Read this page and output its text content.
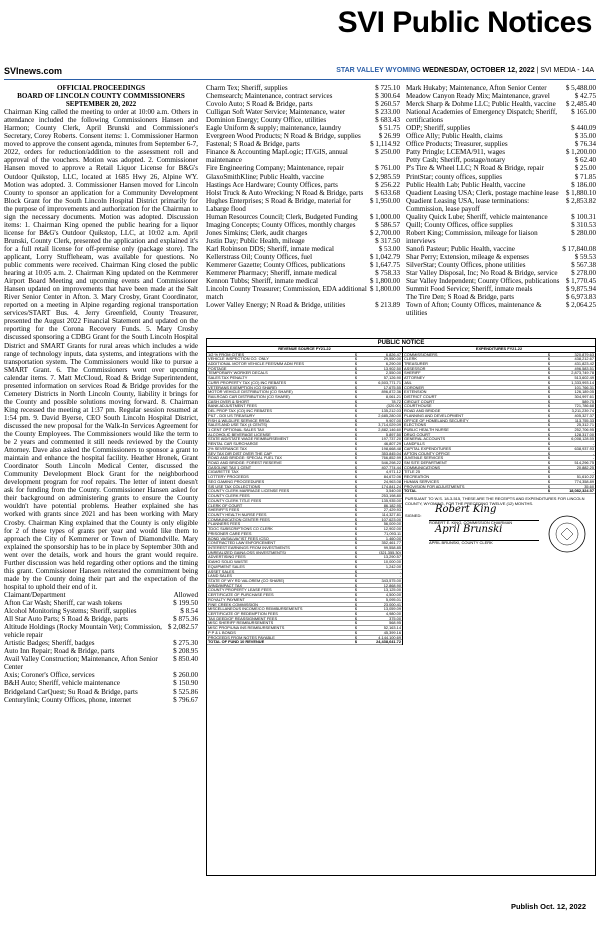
SVI Public Notices
SVInews.com	STAR VALLEY WYOMING WEDNESDAY, OCTOBER 12, 2022 | SVI MEDIA - 14A
OFFICIAL PROCEEDINGS
BOARD OF LINCOLN COUNTY COMMISSIONERS
SEPTEMBER 20, 2022
Chairman King called the meeting to order at 10:00 a.m. Others in attendance included the following Commissioners Hansen and Harmon; County Clerk, April Brunski and Commissioner's Secretary, Corey Roberts. Consent items: 1. Commissioner Harmon moved to approve the consent agenda, minutes from September 6-7, 2022, orders for reduction/addition to the assessment roll and approval of the vouchers. Motion was adopted. 2. Commissioner Hansen moved to approve a Retail Liquor License for B&G's Outdoor Quikstop, LLC, located at 1685 Hwy 26, Alpine WY. Motion was adopted. 3. Commissioner Hansen moved for Lincoln County to sponsor an application for a Community Development Block Grant for the South Lincoln Hospital District primarily for the purpose of improvements and authorization for the Chairman to sign the necessary documents. Motion was adopted. Discussion items: 1. Chairman King opened the public hearing for a liquor license for B&G's Outdoor Quikstop, LLC, at 10:02 a.m. April Brunski, County Clerk, presented the application and explained it's for a full retail license for off-premise only (package store). The applicant, Lorry Stuffleheam, was available for questions. No public comments were received. Chairman King closed the public hearing at 10:05 a.m. 2. Chairman King updated on the Kemmerer Airport Board Meeting and upcoming events and Commissioner Hansen updated on improvements that have been made at the Salt River Senior Center in Afton. 3. Mary Crosby, Grant Coordinator, reported on a meeting in Alpine regarding regional transportation services/START Bus. 4. Jerry Greenfield, County Treasurer, presented the August 2022 Financial Statement and updated on the reporting for the Corona Recovery Funds. 5. Mary Crosby discussed sponsoring a CDBG Grant for the South Lincoln Hospital District and SMART Grants for rural areas which includes a wide range of technology inputs, data systems, and integrations with the transportation system. The Commissioners would like to pursue a SMART Grant. 6. The Commissioners went over upcoming calendar items. 7. Matt McCloud, Road & Bridge Superintendent, presented information on services Road & Bridge provides for the Cemetery Districts in North Lincoln County, liability it brings for the County and possible solutions moving forward. 8. Chairman King recessed the meeting at 1:37 pm. Regular session resumed at 1:54 pm. 9. David Byerse, CEO South Lincoln Hospital District, discussed the new proposal for the Walk-In Services Agreement for the County Employees. The Commissioners would like the term to be 2 years and commented it still needs reviewed by the County Attorney. Dave also asked the Commissioners to sponsor a grant to maintain and enhance the hospital facility. Heather Hronek, Grant Coordinator South Lincoln Medical Center, discussed the Community Development Block Grant for the neighborhood development program for roof repairs. The letter of intent doesn't ask for funding from the County. Commissioner Hansen asked for their background on administering grants to ensure the County wouldn't have potential problems. Heather explained she has worked with grants since 2021 and has been working with Mary Crosby. Chairman King explained that the County is only eligible for 2 of these types of grants per year and would like them to approach the City of Kemmerer or Town of Diamondville. Mary explained the sponsorship has to be in place by September 30th and went over the details, work and hours the grant would require. Further discussion was held regarding other options and the timing this grant. Commissioner Hansen reiterated the commitment being made by the County doing their part and the expectation of the hospital to uphold their end of it.
Claimant/Department	Allowed
Afton Car Wash; Sheriff, car wash tokens	$ 199.50
Alcohol Monitoring Systems; Sheriff, supplies	$ 8.54
All Star Auto Parts; S Road & Bridge, parts	$ 875.36
Altitude Holdings (Rocky Mountain Vet); Commission, vehicle repair
$ 2,082.57
Artistic Badges; Sheriff, badges	$ 275.30
Auto Inn Repair; Road & Bridge, parts	$ 208.95
Avail Valley Construction; Maintenance, Afton Senior Center
$ 850.40
Axis; Coroner's Office, services	$ 260.00
B&H Auto; Sheriff, vehicle maintenance	$ 150.90
Bridgeland CarQuest; Su Road & Bridge, parts	$ 525.86
Centurylink; County Offices, phone, internet	$ 796.67
Charm Tex; Sheriff, supplies	$ 725.10
Chemsearch; Maintenance, contract services	$ 300.64
Covolo Auto; S Road & Bridge, parts	$ 260.57
Culligan Soft Water Service; Maintenance, water	$ 233.00
Dominion Energy; County Office, utilities	$ 683.43
Eagle Uniform & supply; maintenance, laundry	$ 51.75
Evergreen Wood Products; N Road & Bridge, supplies	$ 26.99
Fastenal; S Road & Bridge, parts	$ 1,114.92
Finance & Accounting MapLogic; IT/GIS, annual maintenance
$ 250.00
Fire Engineering Company; Maintenance, repair	$ 761.00
GlaxoSmithKline; Public Health, vaccine	$ 2,985.59
Hastings Ace Hardware; County Offices, parts	$ 256.22
Holst Truck & Auto Wrecking; N Road & Bridge, parts	$ 633.68
Hughes Enterprises; S Road & Bridge, material for Labarge flood
$ 1,950.00
Human Resources Council; Clerk, Budgeted Funding	$ 1,000.00
Imaging Concepts; County Offices, monthly charges	$ 586.57
Jones Simkins; Clerk, audit charges	$ 2,700.00
Justin Day; Public Health, mileage	$ 317.50
Karl Robinson DDS; Sheriff, inmate medical	$ 53.00
Kellerstrass Oil; County Offices, fuel	$ 1,042.79
Kemmerer Gazette; County Offices, publications	$ 1,647.75
Kemmerer Pharmacy; Sheriff, inmate medical	$ 758.33
Kennon Tubbs; Sheriff, inmate medical	$ 1,800.00
Lincoln County Treasurer; Commission, EDA additional match
$ 1,800.00
Lower Valley Energy; N Road & Bridge, utilities	$ 213.89
Mark Hukaby; Maintenance, Afton Senior Center	$ 5,488.00
Meadow Canyon Ready Mix; Maintenance, gravel	$ 42.75
Merck Sharp & Dohme LLC; Public Health, vaccine	$ 2,485.40
National Academies of Emergency Dispatch; Sheriff, certifications
$ 165.00
ODP; Sheriff, supplies	$ 440.09
Office Ally; Public Health, claims	$ 35.00
Office Products; Treasurer, supplies	$ 76.34
Patty Pringle; LCEMA/911, wages	$ 1,200.00
Petty Cash; Sheriff, postage/notary	$ 62.40
P's Tire & Wheel LLC; N Road & Bridge, repair	$ 25.00
PrintStar; county offices, supplies	$ 71.85
Public Health Lab; Public Health, vaccine	$ 186.00
Quadient Leasing USA; Clerk, postage machine lease	$ 1,880.10
Quadient Leasing USA, lease terminations: Commission, lease payoff
$ 2,853.82
Quality Quick Lube; Sheriff, vehicle maintenance	$ 100.31
Quill; County Offices, office supplies	$ 310.53
Robert King; Commission, mileage for liaison interviews
$ 280.00
Sanofi Pasteur; Public Health, vaccine	$ 17,840.08
Shar Perry; Extension, mileage & expenses	$ 59.53
SilverStar; County Offices, phone utilities	$ 567.38
Star Valley Disposal, Inc; No Road & Bridge, service	$ 278.00
Star Valley Independent; County Offices, publications $ 1,770.45
Summit Food Service; Sheriff, inmate meals	$ 9,875.94
The Tire Den; S Road & Bridge, parts	$ 6,973.83
Town of Afton; County Offices, maintenance & utilities
$ 2,064.25
PUBLIC NOTICE
REVENUE SOURCE FY21-22
1/2 % FROM CITIES	$	6,826.47
VEHICLE INSPECTION CO. ONLY	$	29,550.00
ADDITIONAL MOTOR VEHICLE FEES/MM ADM FEES	$	6,290.00
POSTAGE	$	13,902.50
TEMPORARY WORKER DECALS	$	2,550.00
SALES TAX PENALTY	$	57,126.90
CURR PROPERTY TAX (CO) INC REBATES	$	6,503,771.71
VETERANS EXEMPTION (CO SHARE)	$	17,675.55
MOTOR VEHICLE DISTRIBUTION (CO SHARE)	$	896,872.36
RAILROAD CAR DISTRIBUTION (CO SHARE)	$	8,061.21
CASH OVER & SHORT	$	78.72
BANK ADJUSTMENT FEES	$	(320.00)
DEL PROP TAX (CO) INC REBATES	$	135,212.03
PILT - DOI US TREASURY	$	2,685,280.00
FISH & WILDLIFE SERVICE RRSA	$	9,907.00
SALES AND USE TAX (4 CENTS)	$	3,714,029.09
1 CENT OPTIONAL SALES TAX	$	2,882,146.60
ALCOHOLIC BEVERAGE LICENSE	$	5,897.50
STATE AID/STATE WAGE REIMBURSEMENT	$	197,737.20
RENTAL CAR SURCHARGE	$	46,807.29
2% SEVERANCE TAX	$	198,668.48
SEV TAX DIR DIST OVER THE CAP	$	353,845.04
ROAD AND BRIDGE: SPECIAL FUEL TAX	$	766,852.99
ROAD AND BRIDGE: FOREST RESERVE	$	546,298.22
GASOLINE TAX 1 CENT	$	407,774.44
CIGARETTE TAX	$	4,971.12
LOTTERY PROCEEDS	$	84,672.06
SEG GAMING PROCEEDURES	$	24,963.08
SIS USE TAX COLLECTIONS	$	174,841.24
COUNTY CLERK MARRIAGE LICENSE FEES	$	3,540.00
COUNTY CLERK FEES	$	253,198.80
COUNTY CLERK TITLE FEES	$	135,935.00
CLERK OF COURT	$	86,182.95
SHERIFF'S FEES	$	27,429.93
COUNTY HEALTH NURSE FEES	$	114,327.81
COMMUNICATION CENTER FEES	$	107,623.00
PLANNERS FEES	$	56,009.00
TDOC SUBSCRIPTIONS CO CLERK	$	12,902.00
PRISONER CARE FEES	$	71,093.11
BOND VA/SALVA/"IST FEES (CSO	$	1,460.00
CONTRACTED LAW ENFORCEMENT	$	352,461.77
INTEREST EARNINGS FROM INVESTMENTS	$	99,558.85
UNREALIZED GAIN/LOSS (INVESTMENTS)	$	(321,355.30)
ADVERTISING FEES	$	13,290.57
IDAHO SOLID WASTE	$	10,000.00
EQUIPMENT SALES	$	1,242.00
ASSET SALES	$	-
LAND SALES	$	-
STATE OF WY RD VALOREM (CO SHARE)	$	343,575.00
WIND/IMPACT TAX	$	12,868.90
COUNTY PROPERTY LEASE FEES	$	13,125.00
CERTIFICATE OF PURCHASE FEES	$	4,500.00
ROYALTY PAYMENT	$	5,095.01
FINE CREEK COMMISSION	$	23,000.41
MISCELLANEOUS INCOME/CO REIMBURSEMENTS	$	13,059.09
CERTIFICATE OF REDEMPTION FEES	$	4,980.00
TAX DEED/OF REASSIGNMENT FEES	$	375.00
MISC SHERIFF REIMBURSEMENTS	$	568.95
MISC PROP/UNA INS REIMBURSEMENTS	$	52,163.14
P P & L BONDS	$	45,399.16
PROCEEDS FROM NOTES PAYABLE	$	4,144,100.69
TOTAL OF FUND 10 REVENUE	$	24,438,641.72
EXPENDITURES FY21-22
COMMISSIONERS	$	320,879.63
CLERK	$	438,212.67
TREASURER	$	431,823.42
ASSESSOR	$	496,583.51
SHERIFF	$	2,873,749.78
ATTORNEY	$	513,602.49
JAIL	$	1,333,993.14
CORONER	$	101,766.31
EXTENSION	$	126,189.05
DISTRICT COURT	$	304,997.61
CIRCUIT COURT	$	589.75
COURTHOUSE	$	721,786.68
ROAD AND BRIDGE	$	3,211,239.74
PLANNING AND DEVELOPMENT	$	405,327.37
OFFICE OF HOMELAND SECURITY	$	113,755.33
ELECTIONS	$	25,312.71
PUBLIC HEALTH NURSE	$	252,706.95
DRUG COURT	$	128,317.00
GENERAL ACCOUNTS	$	6,008,128.55
LANDFILLS	$	-
CAPITAL EXPENDITURES	$	638,937.93
AFTON COUNTY OFFICE	$	-
JUVENILE SERVICES	$	-
SM SITE DEPARTMENT	$	514,296.75
COMMUNICATIONS	$	20,882.25
TITLE 25	$	-
RECREATION	$	51,610.22
HUMAN SERVICES	$	774,358.89
PROVISION FOR ADJUSTMENTS	$	35.60
TOTAL	$	18,082,324.57
PURSUANT TO W.S. 18-3-515, THESE ARE THE RECEIPTS AND EXPENDITURES FOR LINCOLN COUNTY, WYOMING, FOR THE PRECEDING TWELVE (12) MONTHS.
SIGNED:
Robert King
ROBERT E. KING, COMMISSION CHAIRMAN
April Brunski
APRIL BRUNSKI, COUNTY CLERK
Publish Oct. 12, 2022
